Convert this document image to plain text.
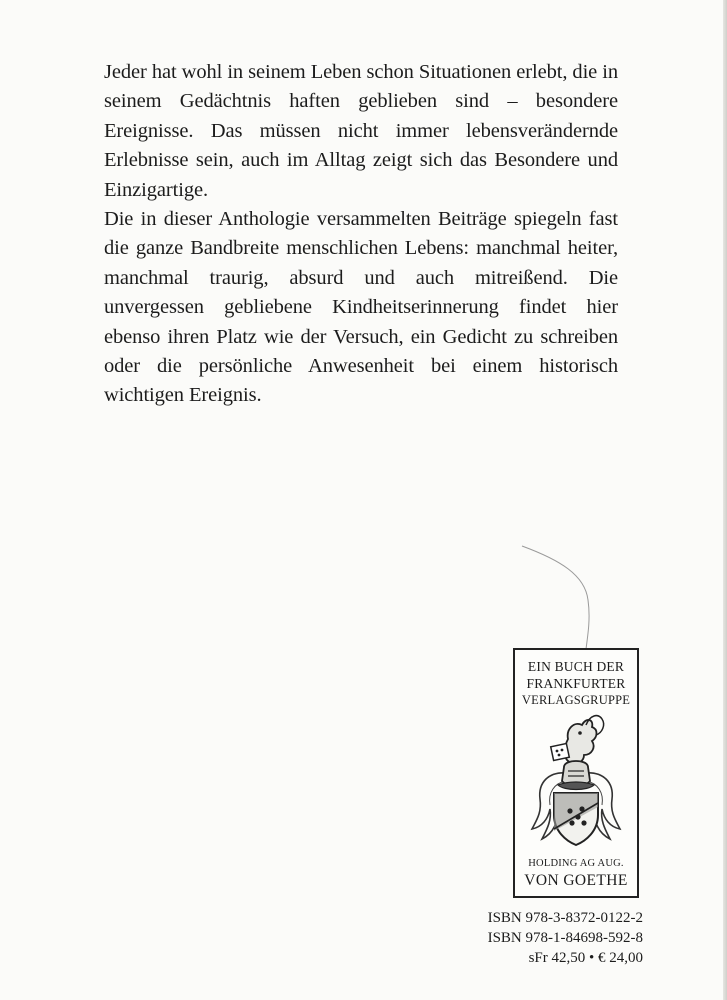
Jeder hat wohl in seinem Leben schon Situationen erlebt, die in seinem Gedächtnis haften geblieben sind – besondere Ereignisse. Das müssen nicht immer lebensverändernde Erlebnisse sein, auch im Alltag zeigt sich das Besondere und Einzigartige.

Die in dieser Anthologie versammelten Beiträge spiegeln fast die ganze Bandbreite menschlichen Lebens: manchmal heiter, manchmal traurig, absurd und auch mitreißend. Die unvergessen gebliebene Kindheitserinnerung findet hier ebenso ihren Platz wie der Versuch, ein Gedicht zu schreiben oder die persönliche Anwesenheit bei einem historisch wichtigen Ereignis.

EIN BUCH DER
FRANKFURTER
VERLAGSGRUPPE
HOLDING AG AUG.
VON GOETHE
ISBN 978-3-8372-0122-2
ISBN 978-1-84698-592-8
sFr 42,50 • € 24,00
